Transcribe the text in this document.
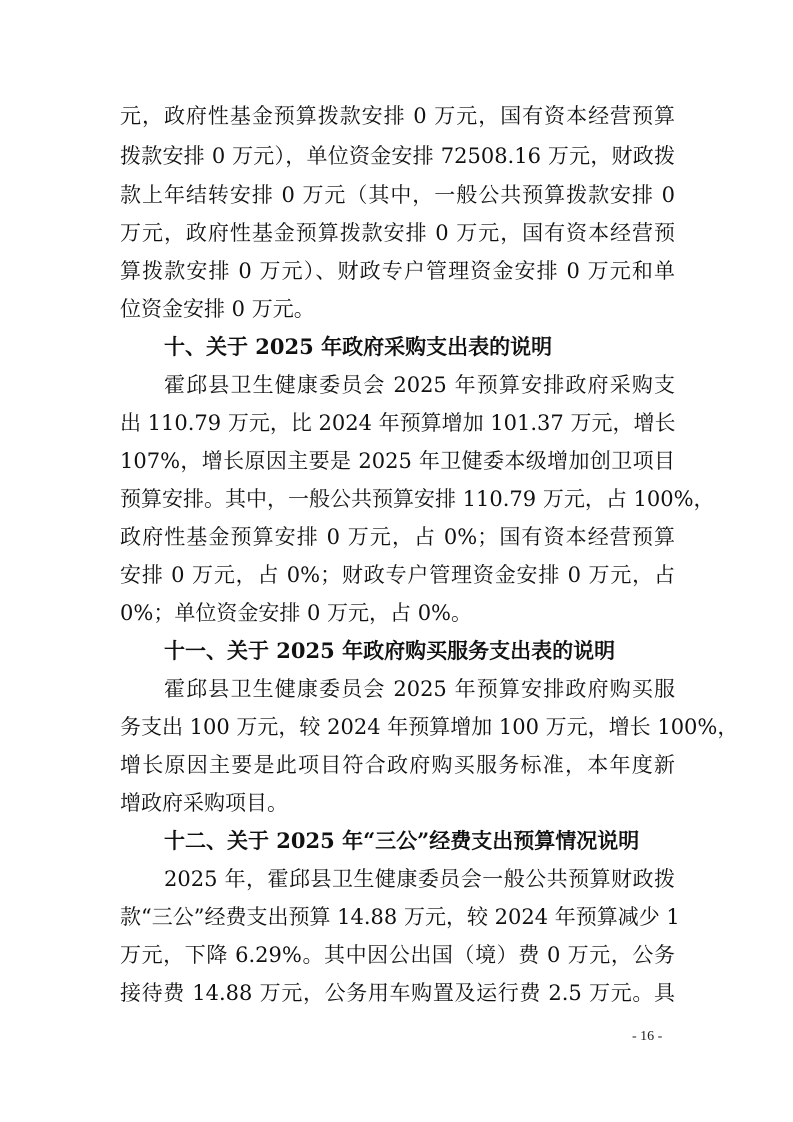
元，政府性基金预算拨款安排 0 万元，国有资本经营预算
拨款安排 0 万元），单位资金安排 72508.16 万元，财政拨
款上年结转安排 0 万元（其中，一般公共预算拨款安排 0
万元，政府性基金预算拨款安排 0 万元，国有资本经营预
算拨款安排 0 万元）、财政专户管理资金安排 0 万元和单
位资金安排 0 万元。
十、关于 2025 年政府采购支出表的说明
霍邱县卫生健康委员会 2025 年预算安排政府采购支
出 110.79 万元，比 2024 年预算增加 101.37 万元，增长
107%，增长原因主要是 2025 年卫健委本级增加创卫项目
预算安排。其中，一般公共预算安排 110.79 万元，占 100%，
政府性基金预算安排 0 万元，占 0%；国有资本经营预算
安排 0 万元，占 0%；财政专户管理资金安排 0 万元，占
0%；单位资金安排 0 万元，占 0%。
十一、关于 2025 年政府购买服务支出表的说明
霍邱县卫生健康委员会 2025 年预算安排政府购买服
务支出 100 万元，较 2024 年预算增加 100 万元，增长 100%，
增长原因主要是此项目符合政府购买服务标准，本年度新
增政府采购项目。
十二、关于 2025 年“三公”经费支出预算情况说明
2025 年，霍邱县卫生健康委员会一般公共预算财政拨
款“三公”经费支出预算 14.88 万元，较 2024 年预算减少 1
万元，下降 6.29%。其中因公出国（境）费 0 万元，公务
接待费 14.88 万元，公务用车购置及运行费 2.5 万元。具
- 16 -
